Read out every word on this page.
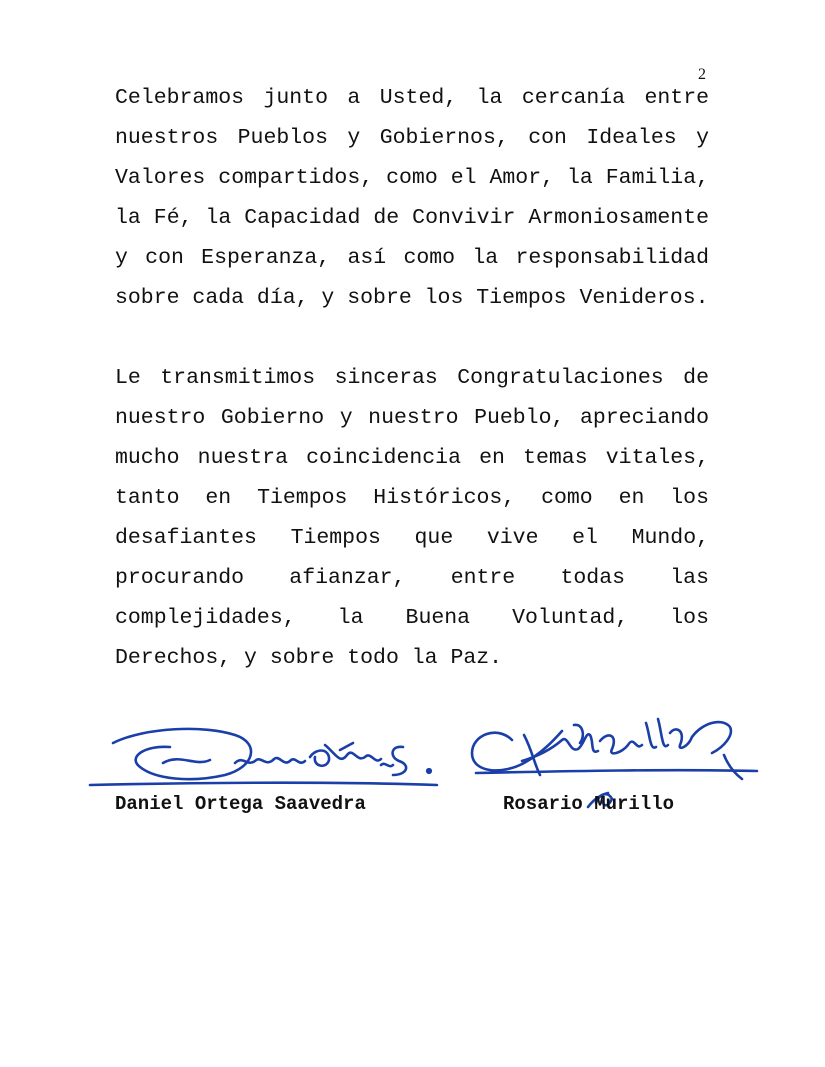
2

Celebramos junto a Usted, la cercanía entre nuestros Pueblos y Gobiernos, con Ideales y Valores compartidos, como el Amor, la Familia, la Fé, la Capacidad de Convivir Armoniosamente y con Esperanza, así como la responsabilidad sobre cada día, y sobre los Tiempos Venideros.

Le transmitimos sinceras Congratulaciones de nuestro Gobierno y nuestro Pueblo, apreciando mucho nuestra coincidencia en temas vitales, tanto en Tiempos Históricos, como en los desafiantes Tiempos que vive el Mundo, procurando afianzar, entre todas las complejidades, la Buena Voluntad, los Derechos, y sobre todo la Paz.

Daniel Ortega Saavedra	Rosario Murillo
